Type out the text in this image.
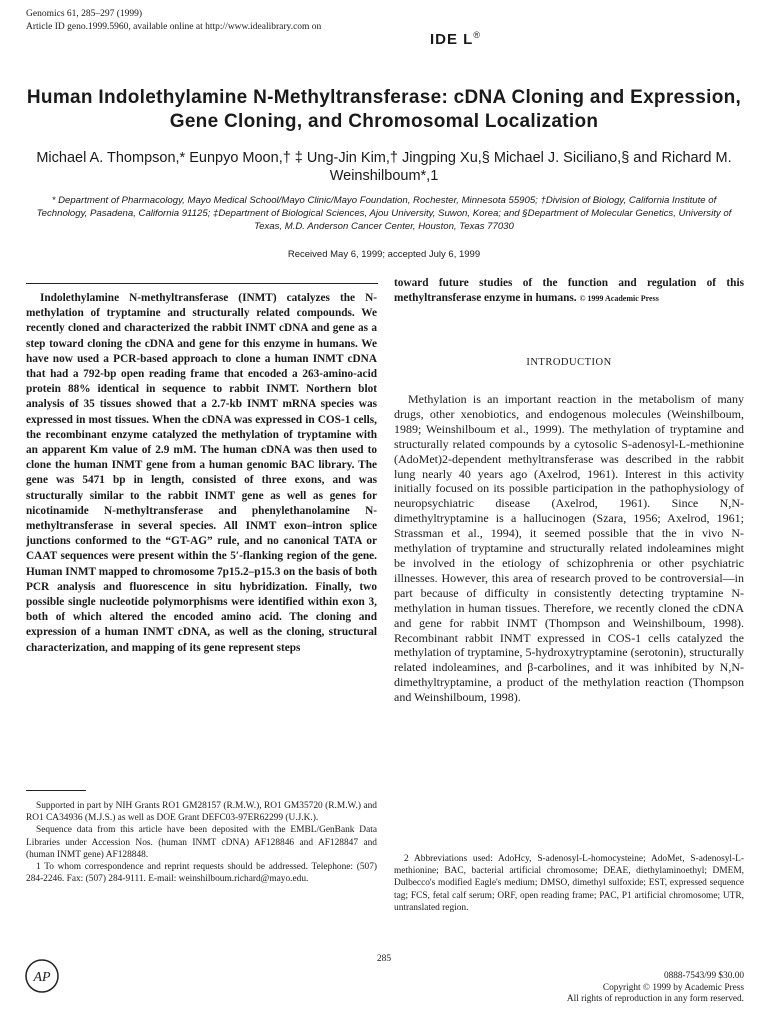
Genomics 61, 285–297 (1999)
Article ID geno.1999.5960, available online at http://www.idealibrary.com on
IDE L®
Human Indolethylamine N-Methyltransferase: cDNA Cloning and Expression, Gene Cloning, and Chromosomal Localization
Michael A. Thompson,* Eunpyo Moon,† ‡ Ung-Jin Kim,† Jingping Xu,§ Michael J. Siciliano,§ and Richard M. Weinshilboum*,1
* Department of Pharmacology, Mayo Medical School/Mayo Clinic/Mayo Foundation, Rochester, Minnesota 55905; †Division of Biology, California Institute of Technology, Pasadena, California 91125; ‡Department of Biological Sciences, Ajou University, Suwon, Korea; and §Department of Molecular Genetics, University of Texas, M.D. Anderson Cancer Center, Houston, Texas 77030
Received May 6, 1999; accepted July 6, 1999

Indolethylamine N-methyltransferase (INMT) catalyzes the N-methylation of tryptamine and structurally related compounds. We recently cloned and characterized the rabbit INMT cDNA and gene as a step toward cloning the cDNA and gene for this enzyme in humans. We have now used a PCR-based approach to clone a human INMT cDNA that had a 792-bp open reading frame that encoded a 263-amino-acid protein 88% identical in sequence to rabbit INMT. Northern blot analysis of 35 tissues showed that a 2.7-kb INMT mRNA species was expressed in most tissues. When the cDNA was expressed in COS-1 cells, the recombinant enzyme catalyzed the methylation of tryptamine with an apparent Km value of 2.9 mM. The human cDNA was then used to clone the human INMT gene from a human genomic BAC library. The gene was 5471 bp in length, consisted of three exons, and was structurally similar to the rabbit INMT gene as well as genes for nicotinamide N-methyltransferase and phenylethanolamine N-methyltransferase in several species. All INMT exon–intron splice junctions conformed to the “GT-AG” rule, and no canonical TATA or CAAT sequences were present within the 5′-flanking region of the gene. Human INMT mapped to chromosome 7p15.2–p15.3 on the basis of both PCR analysis and fluorescence in situ hybridization. Finally, two possible single nucleotide polymorphisms were identified within exon 3, both of which altered the encoded amino acid. The cloning and expression of a human INMT cDNA, as well as the cloning, structural characterization, and mapping of its gene represent steps

Supported in part by NIH Grants RO1 GM28157 (R.M.W.), RO1 GM35720 (R.M.W.) and RO1 CA34936 (M.J.S.) as well as DOE Grant DEFC03-97ER62299 (U.J.K.).

Sequence data from this article have been deposited with the EMBL/GenBank Data Libraries under Accession Nos. (human INMT cDNA) AF128846 and AF128847 and (human INMT gene) AF128848.

1 To whom correspondence and reprint requests should be addressed. Telephone: (507) 284-2246. Fax: (507) 284-9111. E-mail: weinshilboum.richard@mayo.edu.

toward future studies of the function and regulation of this methyltransferase enzyme in humans. © 1999 Academic Press
INTRODUCTION

Methylation is an important reaction in the metabolism of many drugs, other xenobiotics, and endogenous molecules (Weinshilboum, 1989; Weinshilboum et al., 1999). The methylation of tryptamine and structurally related compounds by a cytosolic S-adenosyl-L-methionine (AdoMet)2-dependent methyltransferase was described in the rabbit lung nearly 40 years ago (Axelrod, 1961). Interest in this activity initially focused on its possible participation in the pathophysiology of neuropsychiatric disease (Axelrod, 1961). Since N,N-dimethyltryptamine is a hallucinogen (Szara, 1956; Axelrod, 1961; Strassman et al., 1994), it seemed possible that the in vivo N-methylation of tryptamine and structurally related indoleamines might be involved in the etiology of schizophrenia or other psychiatric illnesses. However, this area of research proved to be controversial—in part because of difficulty in consistently detecting tryptamine N-methylation in human tissues. Therefore, we recently cloned the cDNA and gene for rabbit INMT (Thompson and Weinshilboum, 1998). Recombinant rabbit INMT expressed in COS-1 cells catalyzed the methylation of tryptamine, 5-hydroxytryptamine (serotonin), structurally related indoleamines, and β-carbolines, and it was inhibited by N,N-dimethyltryptamine, a product of the methylation reaction (Thompson and Weinshilboum, 1998).

2 Abbreviations used: AdoHcy, S-adenosyl-L-homocysteine; AdoMet, S-adenosyl-L-methionine; BAC, bacterial artificial chromosome; DEAE, diethylaminoethyl; DMEM, Dulbecco's modified Eagle's medium; DMSO, dimethyl sulfoxide; EST, expressed sequence tag; FCS, fetal calf serum; ORF, open reading frame; PAC, P1 artificial chromosome; UTR, untranslated region.
285
0888-7543/99 $30.00
Copyright © 1999 by Academic Press
All rights of reproduction in any form reserved.
AP
